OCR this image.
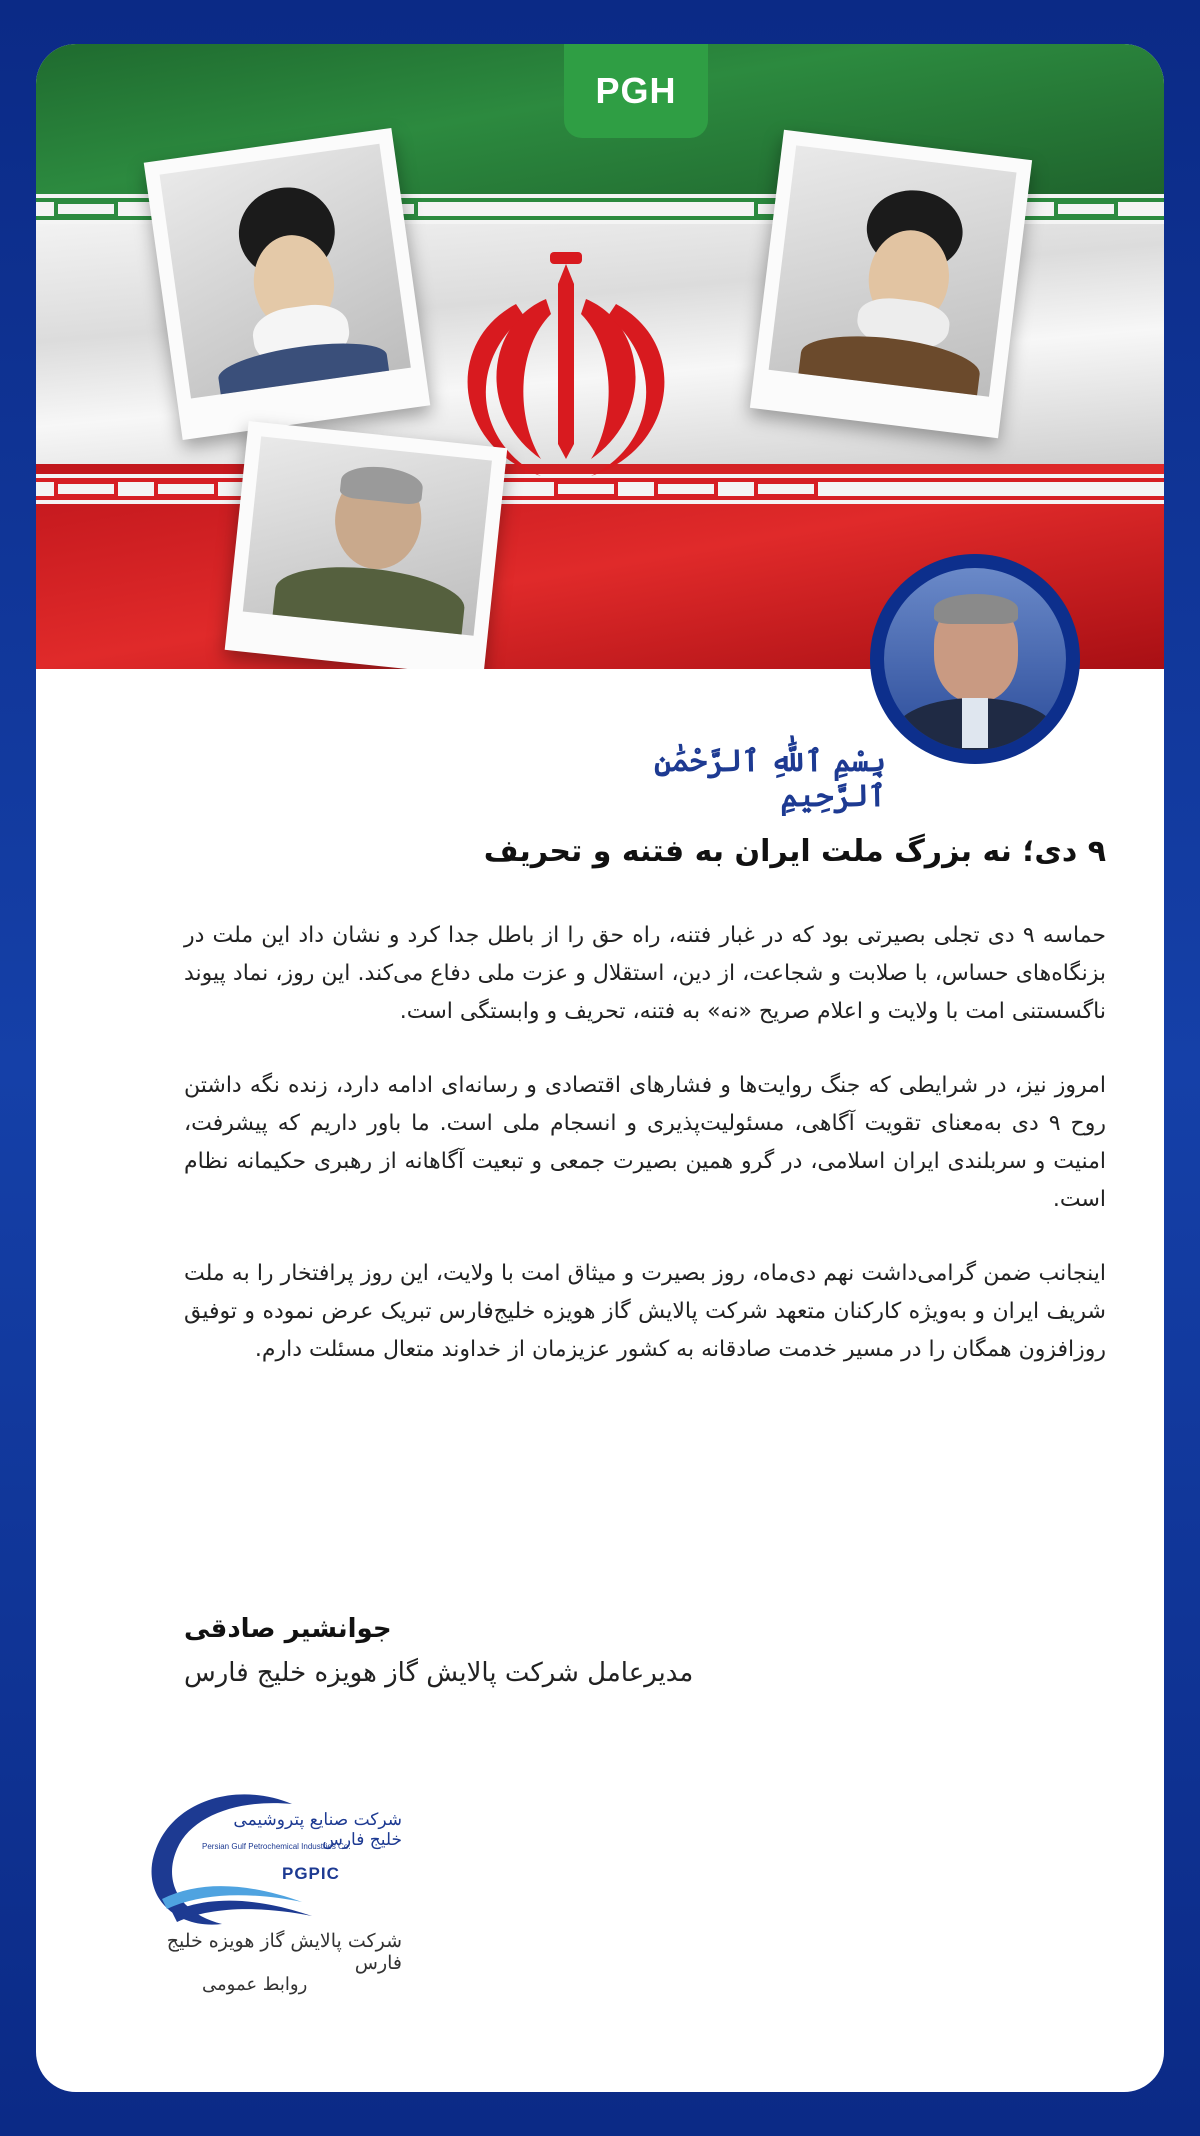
PGH
بِسْمِ ٱللَّٰهِ ٱلرَّحْمَٰنِ ٱلرَّحِيمِ
۹ دی؛ نه بزرگ ملت ایران به فتنه و تحریف

حماسه ۹ دی تجلی بصیرتی بود که در غبار فتنه، راه حق را از باطل جدا کرد و نشان داد این ملت در بزنگاه‌های حساس، با صلابت و شجاعت، از دین، استقلال و عزت ملی دفاع می‌کند. این روز، نماد پیوند ناگسستنی امت با ولایت و اعلام صریح «نه» به فتنه، تحریف و وابستگی است.

امروز نیز، در شرایطی که جنگ روایت‌ها و فشارهای اقتصادی و رسانه‌ای ادامه دارد، زنده نگه داشتن روح ۹ دی به‌معنای تقویت آگاهی، مسئولیت‌پذیری و انسجام ملی است. ما باور داریم که پیشرفت، امنیت و سربلندی ایران اسلامی، در گرو همین بصیرت جمعی و تبعیت آگاهانه از رهبری حکیمانه نظام است.

اینجانب ضمن گرامی‌داشت نهم دی‌ماه، روز بصیرت و میثاق امت با ولایت، این روز پرافتخار را به ملت شریف ایران و به‌ویژه کارکنان متعهد شرکت پالایش گاز هویزه خلیج‌فارس تبریک عرض نموده و توفیق روزافزون همگان را در مسیر خدمت صادقانه به کشور عزیزمان از خداوند متعال مسئلت دارم.

جوانشیر صادقی
مدیرعامل شرکت پالایش گاز هویزه خلیج فارس
شرکت صنایع پتروشیمی خلیج فارس
Persian Gulf Petrochemical Industries Co.
PGPIC
شرکت پالایش گاز هویزه خلیج فارس
روابط عمومی
